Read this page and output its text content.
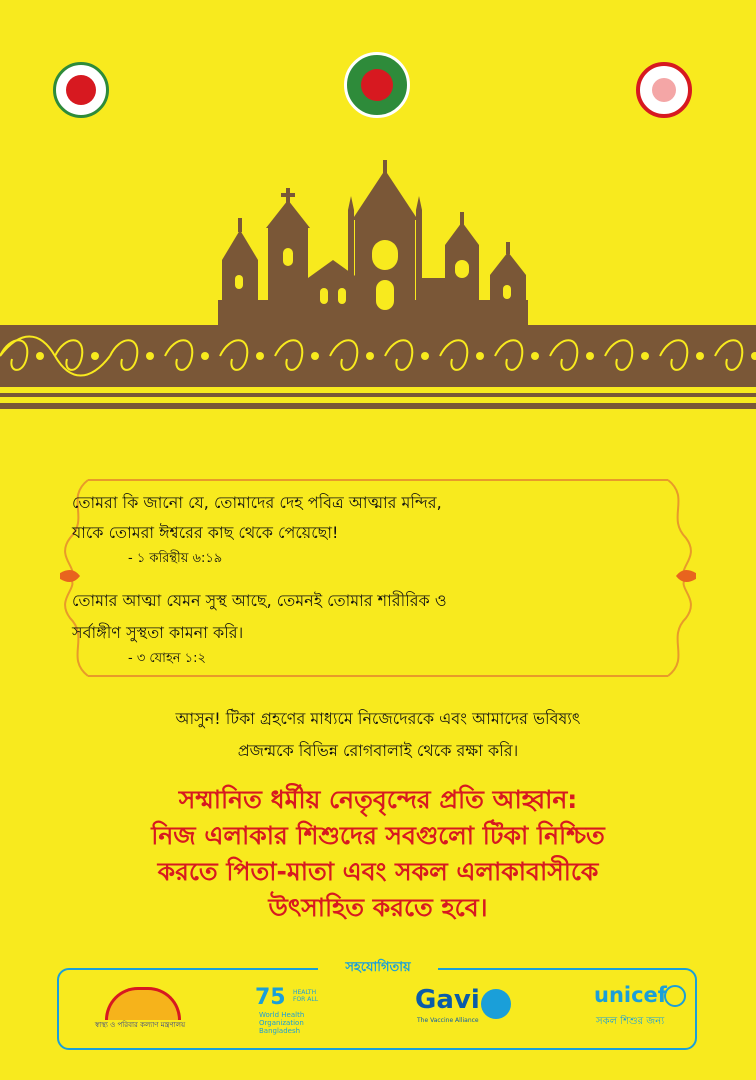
তোমরা কি জানো যে, তোমাদের দেহ পবিত্র আত্মার মন্দির,
যাকে তোমরা ঈশ্বরের কাছ থেকে পেয়েছো!
- ১ করিন্থীয় ৬:১৯
তোমার আত্মা যেমন সুস্থ আছে, তেমনই তোমার শারীরিক ও
সর্বাঙ্গীণ সুস্থতা কামনা করি।
- ৩ যোহন ১:২
আসুন! টিকা গ্রহণের মাধ্যমে নিজেদেরকে এবং আমাদের ভবিষ্যৎ
প্রজন্মকে বিভিন্ন রোগবালাই থেকে রক্ষা করি।
সম্মানিত ধর্মীয় নেতৃবৃন্দের প্রতি আহ্বান:
নিজ এলাকার শিশুদের সবগুলো টিকা নিশ্চিত
করতে পিতা-মাতা এবং সকল এলাকাবাসীকে
উৎসাহিত করতে হবে।
সহযোগিতায়
স্বাস্থ্য ও পরিবার কল্যাণ মন্ত্রণালয়
75 HEALTH FOR ALL
World Health Organization
Bangladesh
Gavi
The Vaccine Alliance
unicef
সকল শিশুর জন্য
